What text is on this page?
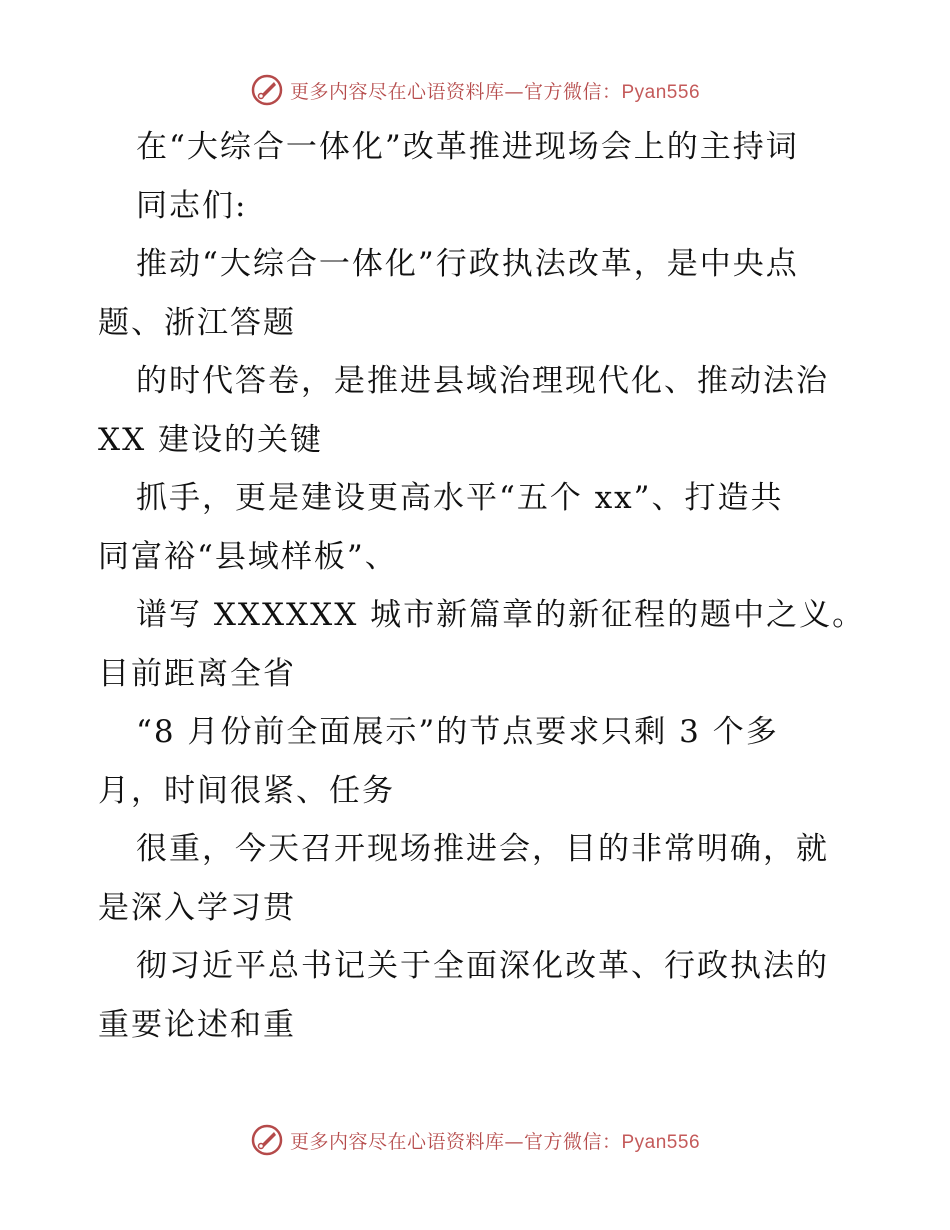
更多内容尽在心语资料库—官方微信：Pyan556
在“大综合一体化”改革推进现场会上的主持词
同志们:
推动“大综合一体化”行政执法改革，是中央点
题、浙江答题
的时代答卷，是推进县域治理现代化、推动法治
XX 建设的关键
抓手，更是建设更高水平“五个 xx”、打造共
同富裕“县域样板”、
谱写 XXXXXX 城市新篇章的新征程的题中之义。
目前距离全省
“8 月份前全面展示”的节点要求只剩 3 个多
月，时间很紧、任务
很重，今天召开现场推进会，目的非常明确，就
是深入学习贯
彻习近平总书记关于全面深化改革、行政执法的
重要论述和重
更多内容尽在心语资料库—官方微信：Pyan556
